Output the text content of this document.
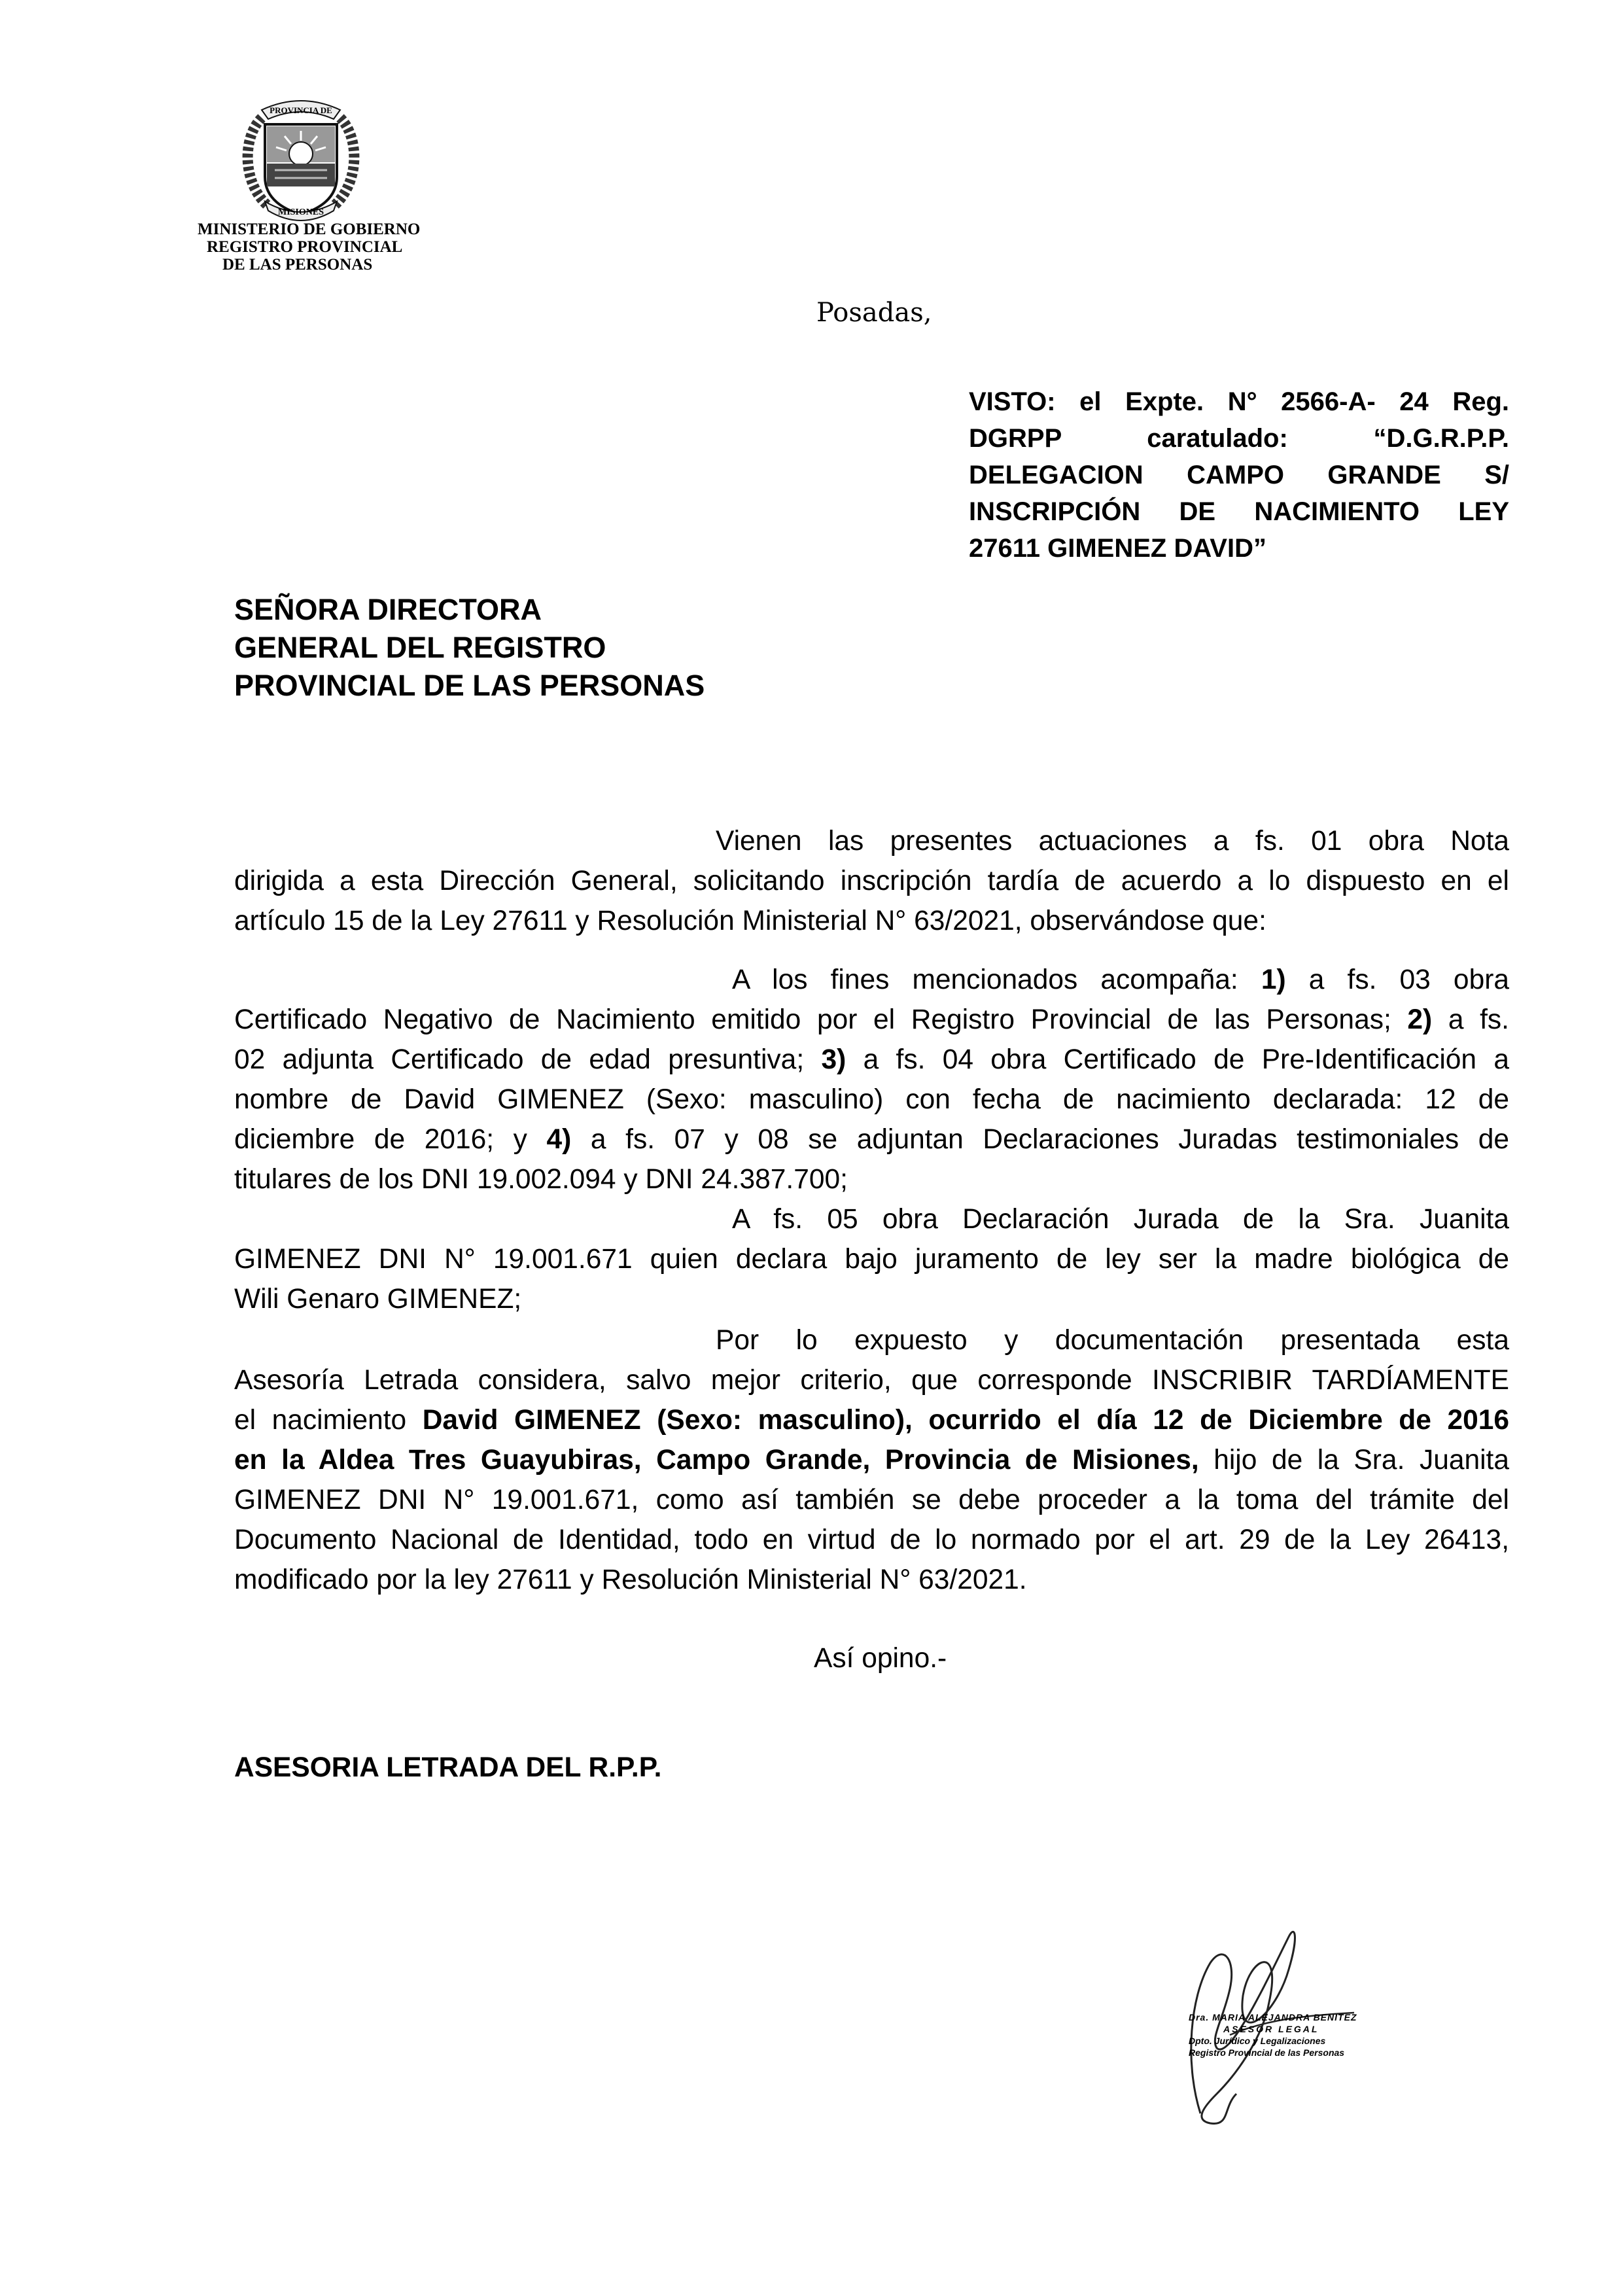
PROVINCIA DE
MISIONES
MINISTERIO DE GOBIERNO
REGISTRO PROVINCIAL
DE LAS PERSONAS
Posadas,
VISTO: el Expte. N° 2566-A- 24 Reg.
DGRPP caratulado: “D.G.R.P.P.
DELEGACION CAMPO GRANDE S/
INSCRIPCIÓN DE NACIMIENTO LEY
27611 GIMENEZ DAVID”
SEÑORA DIRECTORA
GENERAL DEL REGISTRO
PROVINCIAL DE LAS PERSONAS
Vienen las presentes actuaciones a fs. 01 obra Nota
dirigida a esta Dirección General, solicitando inscripción tardía de acuerdo a lo dispuesto en el
artículo 15 de la Ley 27611 y Resolución Ministerial N° 63/2021, observándose que:
A los fines mencionados acompaña: 1) a fs. 03 obra
Certificado Negativo de Nacimiento emitido por el Registro Provincial de las Personas; 2) a fs.
02 adjunta Certificado de edad presuntiva; 3) a fs. 04 obra Certificado de Pre-Identificación a
nombre de David GIMENEZ (Sexo: masculino) con fecha de nacimiento declarada: 12 de
diciembre de 2016; y 4) a fs. 07 y 08 se adjuntan Declaraciones Juradas testimoniales de
titulares de los DNI 19.002.094 y DNI 24.387.700;
A fs. 05 obra Declaración Jurada de la Sra. Juanita
GIMENEZ DNI N° 19.001.671 quien declara bajo juramento de ley ser la madre biológica de
Wili Genaro GIMENEZ;
Por lo expuesto y documentación presentada esta
Asesoría Letrada considera, salvo mejor criterio, que corresponde INSCRIBIR TARDÍAMENTE
el nacimiento David GIMENEZ (Sexo: masculino), ocurrido el día 12 de Diciembre de 2016
en la Aldea Tres Guayubiras, Campo Grande, Provincia de Misiones, hijo de la Sra. Juanita
GIMENEZ DNI N° 19.001.671, como así también se debe proceder a la toma del trámite del
Documento Nacional de Identidad, todo en virtud de lo normado por el art. 29 de la Ley 26413,
modificado por la ley 27611 y Resolución Ministerial N° 63/2021.
Así opino.-
ASESORIA LETRADA DEL R.P.P.
Dra. MARIA ALEJANDRA BENITEZ
ASESOR LEGAL
Dpto. Jurídico y Legalizaciones
Registro Provincial de las Personas
